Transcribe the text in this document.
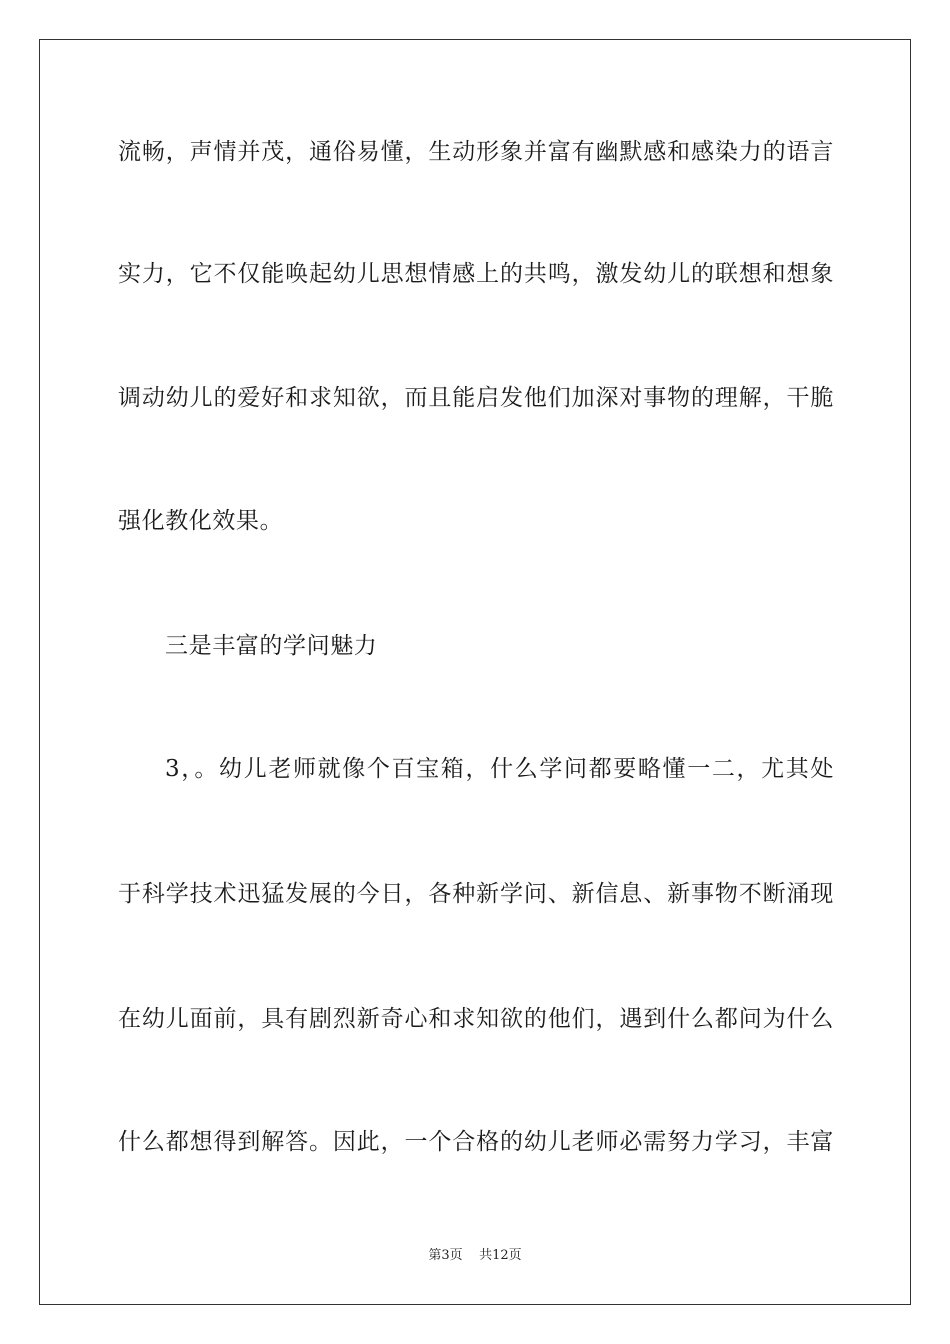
流畅，声情并茂，通俗易懂，生动形象并富有幽默感和感染力的语言
实力，它不仅能唤起幼儿思想情感上的共鸣，激发幼儿的联想和想象
调动幼儿的爱好和求知欲，而且能启发他们加深对事物的理解，干脆
强化教化效果。
三是丰富的学问魅力
3，。幼儿老师就像个百宝箱，什么学问都要略懂一二，尤其处
于科学技术迅猛发展的今日，各种新学问、新信息、新事物不断涌现
在幼儿面前，具有剧烈新奇心和求知欲的他们，遇到什么都问为什么
什么都想得到解答。因此，一个合格的幼儿老师必需努力学习，丰富
第3页 共12页
